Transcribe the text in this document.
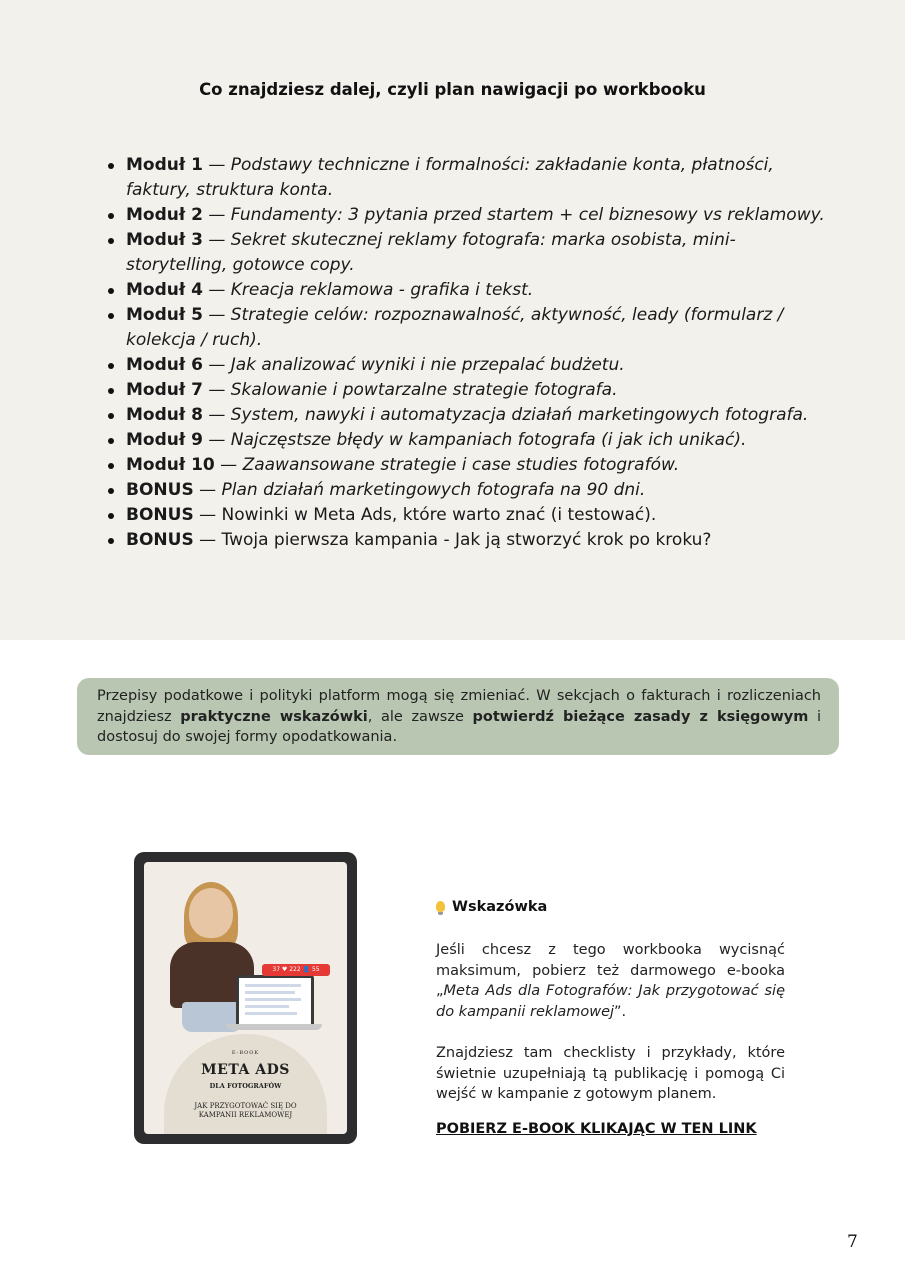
Co znajdziesz dalej, czyli plan nawigacji po workbooku
Moduł 1 — Podstawy techniczne i formalności: zakładanie konta, płatności, faktury, struktura konta.
Moduł 2 — Fundamenty: 3 pytania przed startem + cel biznesowy vs reklamowy.
Moduł 3 — Sekret skutecznej reklamy fotografa: marka osobista, mini-storytelling, gotowce copy.
Moduł 4 — Kreacja reklamowa - grafika i tekst.
Moduł 5 — Strategie celów: rozpoznawalność, aktywność, leady (formularz / kolekcja / ruch).
Moduł 6 — Jak analizować wyniki i nie przepalać budżetu.
Moduł 7 — Skalowanie i powtarzalne strategie fotografa.
Moduł 8 — System, nawyki i automatyzacja działań marketingowych fotografa.
Moduł 9 — Najczęstsze błędy w kampaniach fotografa (i jak ich unikać).
Moduł 10 — Zaawansowane strategie i case studies fotografów.
BONUS — Plan działań marketingowych fotografa na 90 dni.
BONUS — Nowinki w Meta Ads, które warto znać (i testować).
BONUS — Twoja pierwsza kampania - Jak ją stworzyć krok po kroku?
Przepisy podatkowe i polityki platform mogą się zmieniać. W sekcjach o fakturach i rozliczeniach znajdziesz praktyczne wskazówki, ale zawsze potwierdź bieżące zasady z księgowym i dostosuj do swojej formy opodatkowania.
37 ♥ 222 👤 55
E-BOOK
META ADS
DLA FOTOGRAFÓW
JAK PRZYGOTOWAĆ SIĘ DO
KAMPANII REKLAMOWEJ
Wskazówka

Jeśli chcesz z tego workbooka wycisnąć maksimum, pobierz też darmowego e-booka „Meta Ads dla Fotografów: Jak przygotować się do kampanii reklamowej”.

Znajdziesz tam checklisty i przykłady, które świetnie uzupełniają tą publikację i pomogą Ci wejść w kampanie z gotowym planem.

POBIERZ E-BOOK KLIKAJĄC W TEN LINK
7
